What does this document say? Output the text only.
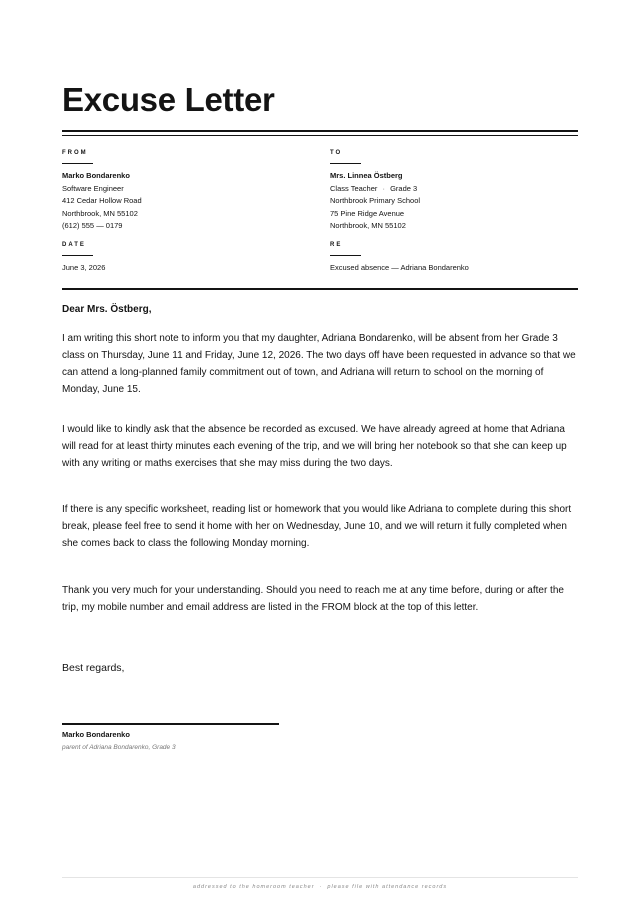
Excuse Letter
FROM
Marko Bondarenko
Software Engineer
412 Cedar Hollow Road
Northbrook, MN 55102
(612) 555 — 0179
TO
Mrs. Linnea Östberg
Class Teacher · Grade 3
Northbrook Primary School
75 Pine Ridge Avenue
Northbrook, MN 55102
DATE
June 3, 2026
RE
Excused absence — Adriana Bondarenko
Dear Mrs. Östberg,

I am writing this short note to inform you that my daughter, Adriana Bondarenko, will be absent from her Grade 3 class on Thursday, June 11 and Friday, June 12, 2026. The two days off have been requested in advance so that we can attend a long-planned family commitment out of town, and Adriana will return to school on the morning of Monday, June 15.

I would like to kindly ask that the absence be recorded as excused. We have already agreed at home that Adriana will read for at least thirty minutes each evening of the trip, and we will bring her notebook so that she can keep up with any writing or maths exercises that she may miss during the two days.

If there is any specific worksheet, reading list or homework that you would like Adriana to complete during this short break, please feel free to send it home with her on Wednesday, June 10, and we will return it fully completed when she comes back to class the following Monday morning.

Thank you very much for your understanding. Should you need to reach me at any time before, during or after the trip, my mobile number and email address are listed in the FROM block at the top of this letter.

Best regards,
Marko Bondarenko
parent of Adriana Bondarenko, Grade 3
addressed to the homeroom teacher · please file with attendance records
